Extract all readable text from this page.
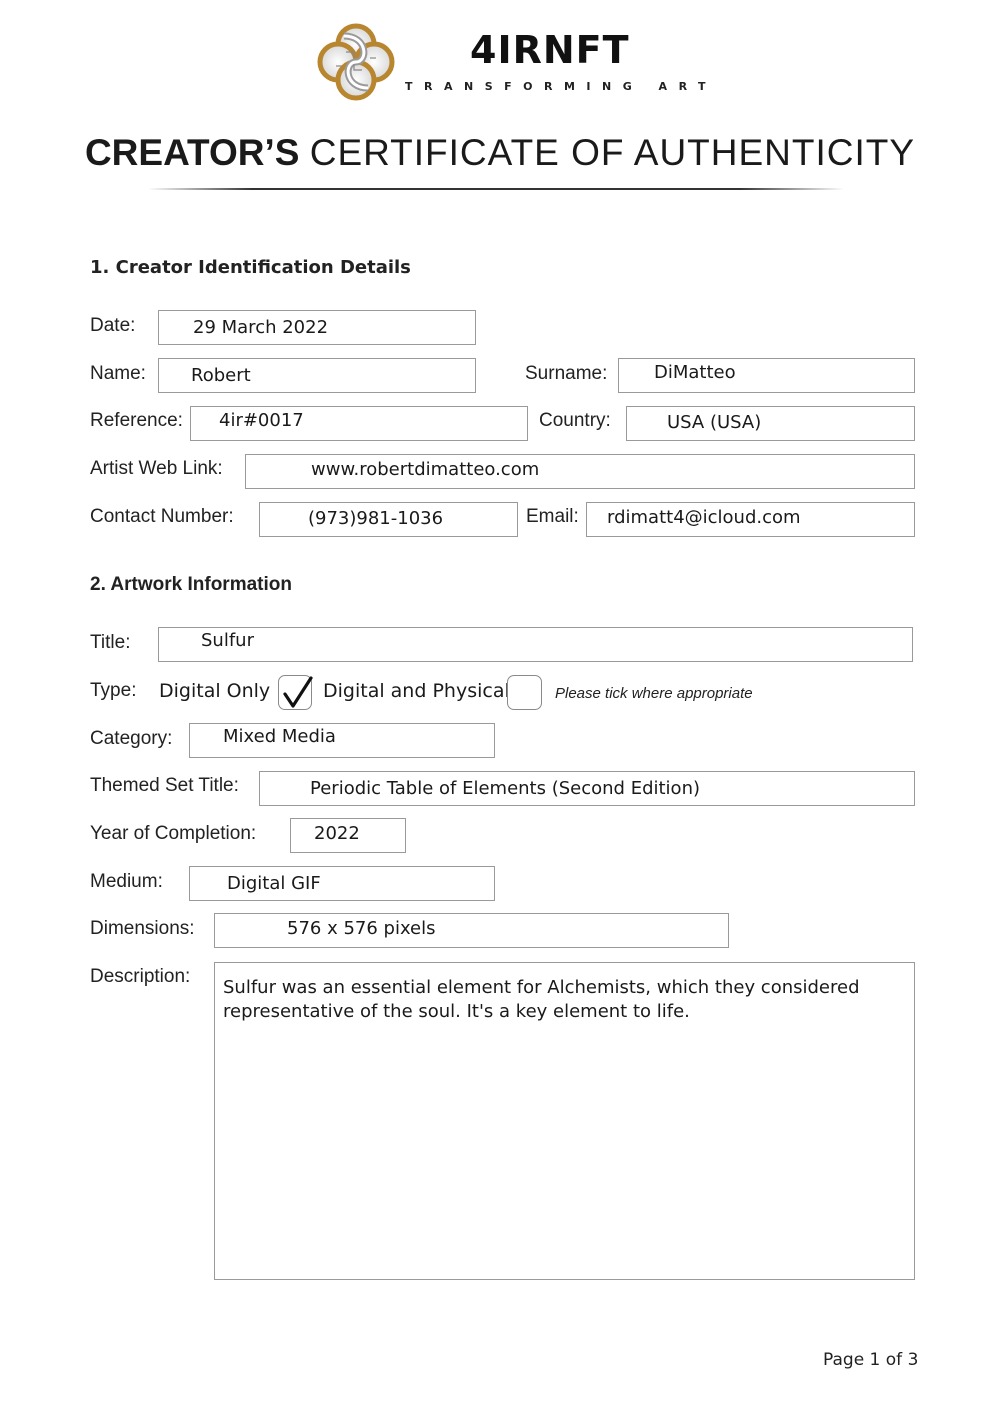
4IRNFT
TRANSFORMING ART
CREATOR’S CERTIFICATE OF AUTHENTICITY
1. Creator Identification Details
Date:	29 March 2022
Name:	Robert	Surname:	DiMatteo
Reference: 4ir#0017	Country:	USA (USA)
Artist Web Link:	www.robertdimatteo.com
Contact Number:	(973)981-1036	Email: rdimatt4@icloud.com
2. Artwork Information
Title:	Sulfur
Type: Digital Only	Digital and Physical	Please tick where appropriate
Category:	Mixed Media
Themed Set Title:	Periodic Table of Elements (Second Edition)
Year of Completion:	2022
Medium:	Digital GIF
Dimensions:	576 x 576 pixels
Description:
Sulfur was an essential element for Alchemists, which they considered
representative of the soul. It's a key element to life.
Page 1 of 3
